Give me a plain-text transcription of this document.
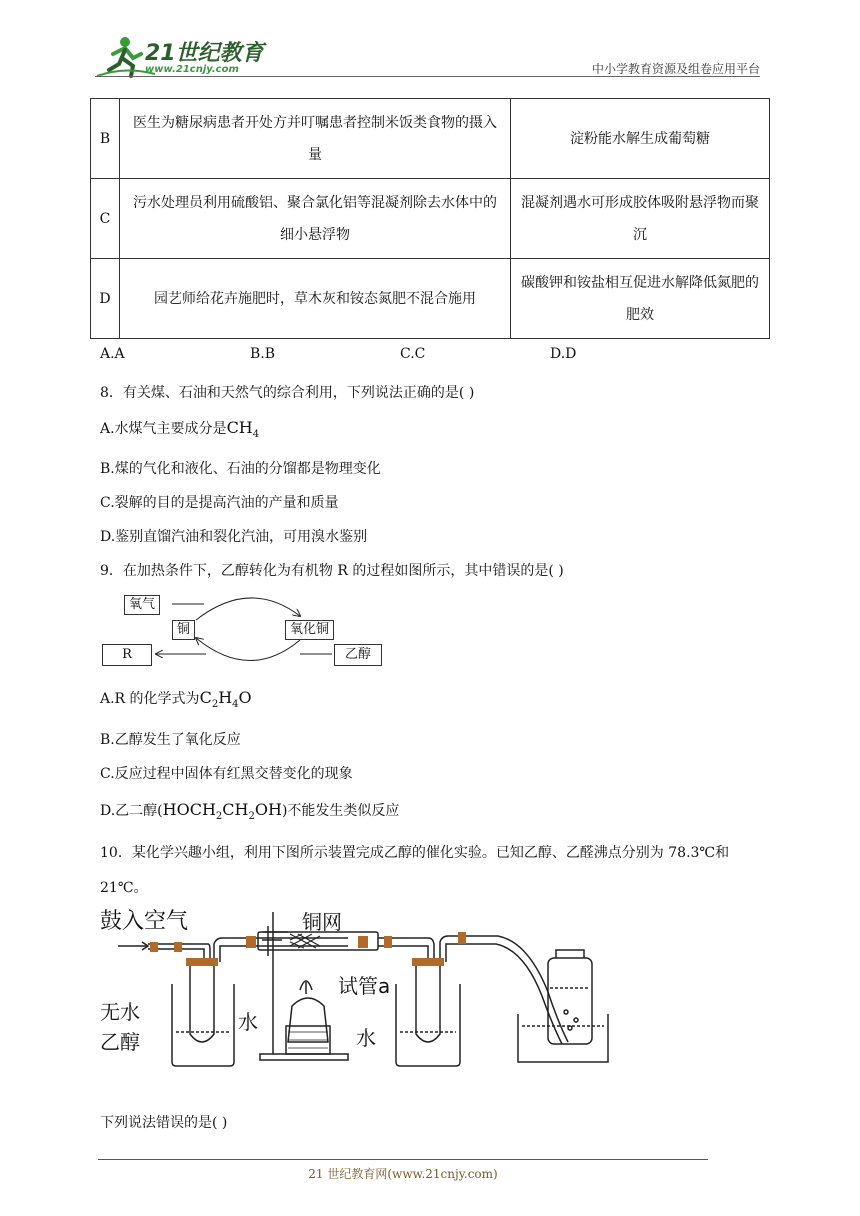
21世纪教育
www.21cnjy.com	中小学教育资源及组卷应用平台
B	医生为糖尿病患者开处方并叮嘱患者控制米饭类食物的摄入量	淀粉能水解生成葡萄糖
C	污水处理员利用硫酸铝、聚合氯化铝等混凝剂除去水体中的细小悬浮物	混凝剂遇水可形成胶体吸附悬浮物而聚沉
D	园艺师给花卉施肥时，草木灰和铵态氮肥不混合施用	碳酸钾和铵盐相互促进水解降低氮肥的肥效
A.A	B.B	C.C	D.D
8．有关煤、石油和天然气的综合利用，下列说法正确的是( )
A.水煤气主要成分是$CH_4$
B.煤的气化和液化、石油的分馏都是物理变化
C.裂解的目的是提高汽油的产量和质量
D.鉴别直馏汽油和裂化汽油，可用溴水鉴别
9．在加热条件下，乙醇转化为有机物 R 的过程如图所示，其中错误的是( )
氧气
铜	氧化铜
R	乙醇
A.R 的化学式为$C_2H_4O$
B.乙醇发生了氧化反应
C.反应过程中固体有红黑交替变化的现象
D.乙二醇$(HOCH_2CH_2OH)$不能发生类似反应
10．某化学兴趣小组，利用下图所示装置完成乙醇的催化实验。已知乙醇、乙醛沸点分别为 78.3℃和
21℃。
鼓入空气	铜网
试管a
无水
乙醇
水
水
下列说法错误的是( )
21 世纪教育网(www.21cnjy.com)
